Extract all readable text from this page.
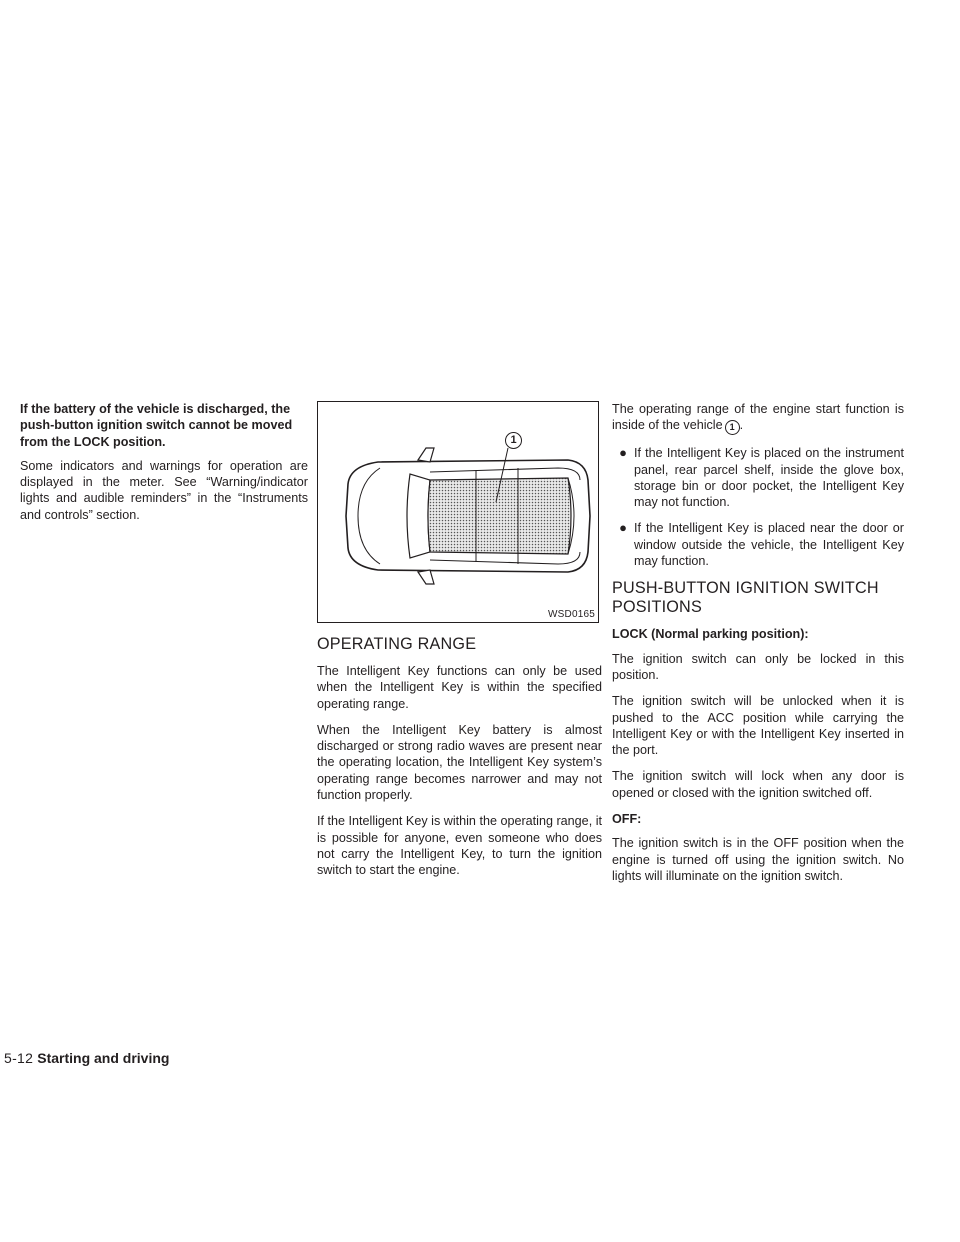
If the battery of the vehicle is discharged, the push-button ignition switch cannot be moved from the LOCK position.

Some indicators and warnings for operation are displayed in the meter. See “Warning/indicator lights and audible reminders” in the “Instruments and controls” section.

1
WSD0165
OPERATING RANGE

The Intelligent Key functions can only be used when the Intelligent Key is within the specified operating range.

When the Intelligent Key battery is almost discharged or strong radio waves are present near the operating location, the Intelligent Key system’s operating range becomes narrower and may not function properly.

If the Intelligent Key is within the operating range, it is possible for anyone, even someone who does not carry the Intelligent Key, to turn the ignition switch to start the engine.

The operating range of the engine start function is inside of the vehicle 1 .

● If the Intelligent Key is placed on the instrument panel, rear parcel shelf, inside the glove box, storage bin or door pocket, the Intelligent Key may not function.

● If the Intelligent Key is placed near the door or window outside the vehicle, the Intelligent Key may function.

PUSH-BUTTON IGNITION SWITCH POSITIONS

LOCK (Normal parking position):

The ignition switch can only be locked in this position.

The ignition switch will be unlocked when it is pushed to the ACC position while carrying the Intelligent Key or with the Intelligent Key inserted in the port.

The ignition switch will lock when any door is opened or closed with the ignition switched off.

OFF:

The ignition switch is in the OFF position when the engine is turned off using the ignition switch. No lights will illuminate on the ignition switch.

5-12 Starting and driving
